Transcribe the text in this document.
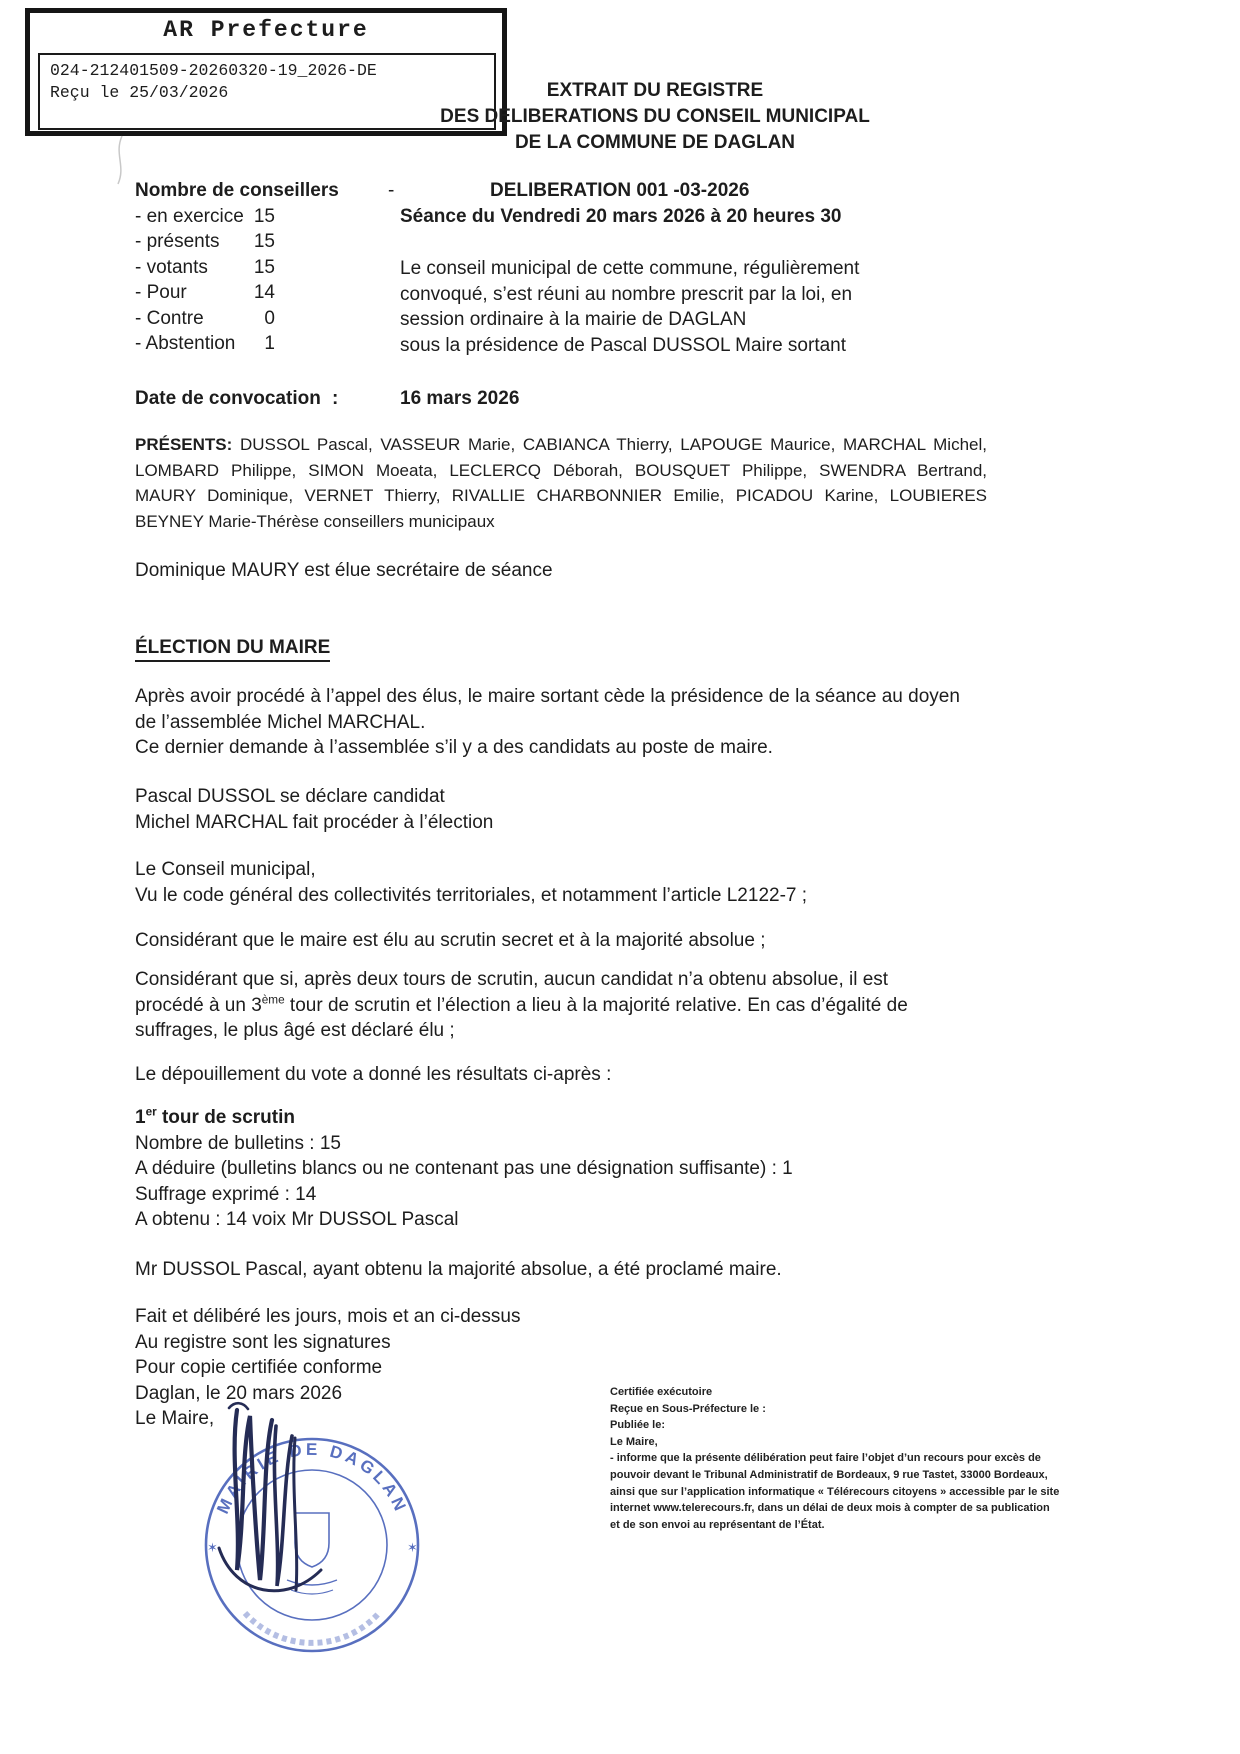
AR Prefecture
024-212401509-20260320-19_2026-DE
Reçu le 25/03/2026	EXTRAIT DU REGISTRE
DES DELIBERATIONS DU CONSEIL MUNICIPAL
DE LA COMMUNE DE DAGLAN
Nombre de conseillers
- en exercice 15
- présents	15
- votants	15
- Pour	14
- Contre	0
- Abstention	1
-	DELIBERATION 001 -03-2026
Séance du Vendredi 20 mars 2026 à 20 heures 30
Le conseil municipal de cette commune, régulièrement
convoqué, s’est réuni au nombre prescrit par la loi, en
session ordinaire à la mairie de DAGLAN
sous la présidence de Pascal DUSSOL Maire sortant
Date de convocation :	16 mars 2026
PRÉSENTS: DUSSOL Pascal, VASSEUR Marie, CABIANCA Thierry, LAPOUGE Maurice, MARCHAL Michel,
LOMBARD Philippe, SIMON Moeata, LECLERCQ Déborah, BOUSQUET Philippe, SWENDRA Bertrand,
MAURY Dominique, VERNET Thierry, RIVALLIE CHARBONNIER Emilie, PICADOU Karine, LOUBIERES
BEYNEY Marie-Thérèse conseillers municipaux
Dominique MAURY est élue secrétaire de séance
ÉLECTION DU MAIRE
Après avoir procédé à l’appel des élus, le maire sortant cède la présidence de la séance au doyen
de l’assemblée Michel MARCHAL.
Ce dernier demande à l’assemblée s’il y a des candidats au poste de maire.
Pascal DUSSOL se déclare candidat
Michel MARCHAL fait procéder à l’élection
Le Conseil municipal,
Vu le code général des collectivités territoriales, et notamment l’article L2122-7 ;
Considérant que le maire est élu au scrutin secret et à la majorité absolue ;
Considérant que si, après deux tours de scrutin, aucun candidat n’a obtenu absolue, il est
procédé à un 3ème tour de scrutin et l’élection a lieu à la majorité relative. En cas d’égalité de
suffrages, le plus âgé est déclaré élu ;
Le dépouillement du vote a donné les résultats ci-après :
1er tour de scrutin
Nombre de bulletins : 15
A déduire (bulletins blancs ou ne contenant pas une désignation suffisante) : 1
Suffrage exprimé : 14
A obtenu : 14 voix Mr DUSSOL Pascal
Mr DUSSOL Pascal, ayant obtenu la majorité absolue, a été proclamé maire.
Fait et délibéré les jours, mois et an ci-dessus
Au registre sont les signatures
Pour copie certifiée conforme
Daglan, le 20 mars 2026
Le Maire,
Certifiée exécutoire
Reçue en Sous-Préfecture le :
Publiée le:
Le Maire,
- informe que la présente délibération peut faire l’objet d’un recours pour excès de
pouvoir devant le Tribunal Administratif de Bordeaux, 9 rue Tastet, 33000 Bordeaux,
ainsi que sur l’application informatique « Télérecours citoyens » accessible par le site
internet www.telerecours.fr, dans un délai de deux mois à compter de sa publication
et de son envoi au représentant de l’État.
MAIRIE DE DAGLAN
✶	✶
